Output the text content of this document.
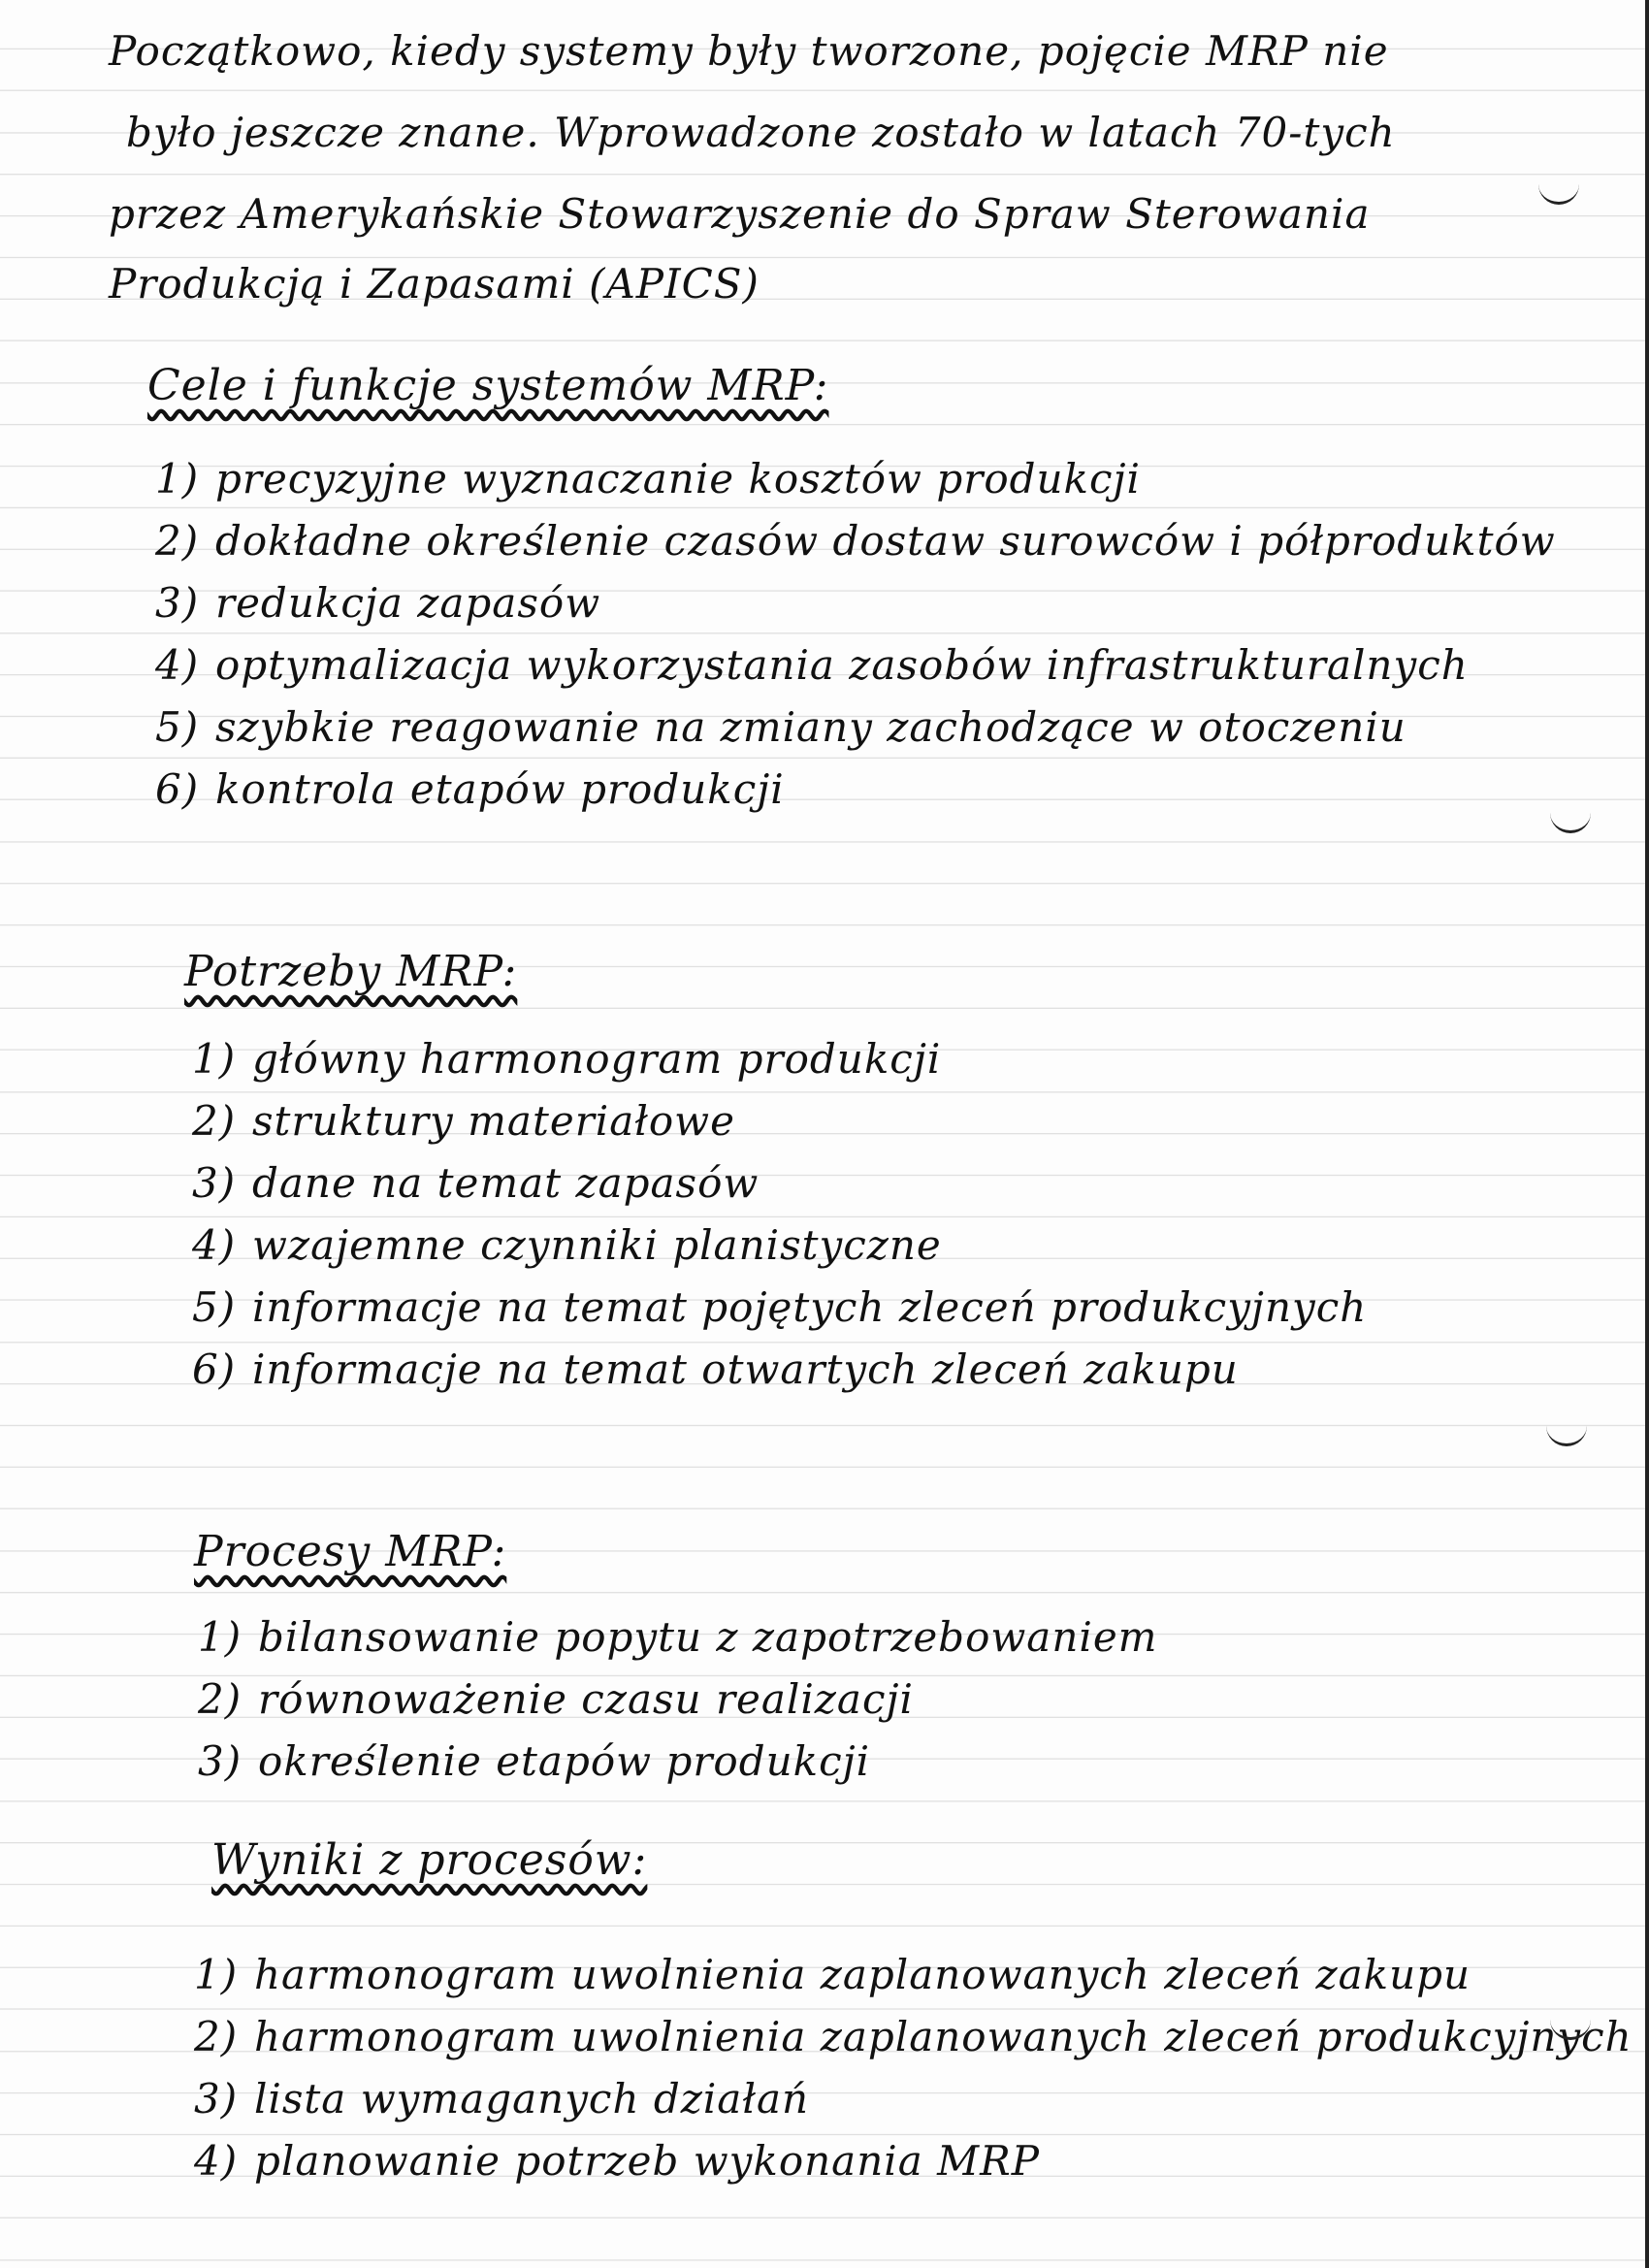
Początkowo, kiedy systemy były tworzone, pojęcie MRP nie

było jeszcze znane. Wprowadzone zostało w latach 70-tych

przez Amerykańskie Stowarzyszenie do Spraw Sterowania

Produkcją i Zapasami (APICS)

Cele i funkcje systemów MRP:

1) precyzyjne wyznaczanie kosztów produkcji
2) dokładne określenie czasów dostaw surowców i półproduktów
3) redukcja zapasów
4) optymalizacja wykorzystania zasobów infrastrukturalnych
5) szybkie reagowanie na zmiany zachodzące w otoczeniu
6) kontrola etapów produkcji

Potrzeby MRP:

1) główny harmonogram produkcji
2) struktury materiałowe
3) dane na temat zapasów
4) wzajemne czynniki planistyczne
5) informacje na temat pojętych zleceń produkcyjnych
6) informacje na temat otwartych zleceń zakupu

Procesy MRP:

1) bilansowanie popytu z zapotrzebowaniem
2) równoważenie czasu realizacji
3) określenie etapów produkcji

Wyniki z procesów:

1) harmonogram uwolnienia zaplanowanych zleceń zakupu
2) harmonogram uwolnienia zaplanowanych zleceń produkcyjnych
3) lista wymaganych działań
4) planowanie potrzeb wykonania MRP
